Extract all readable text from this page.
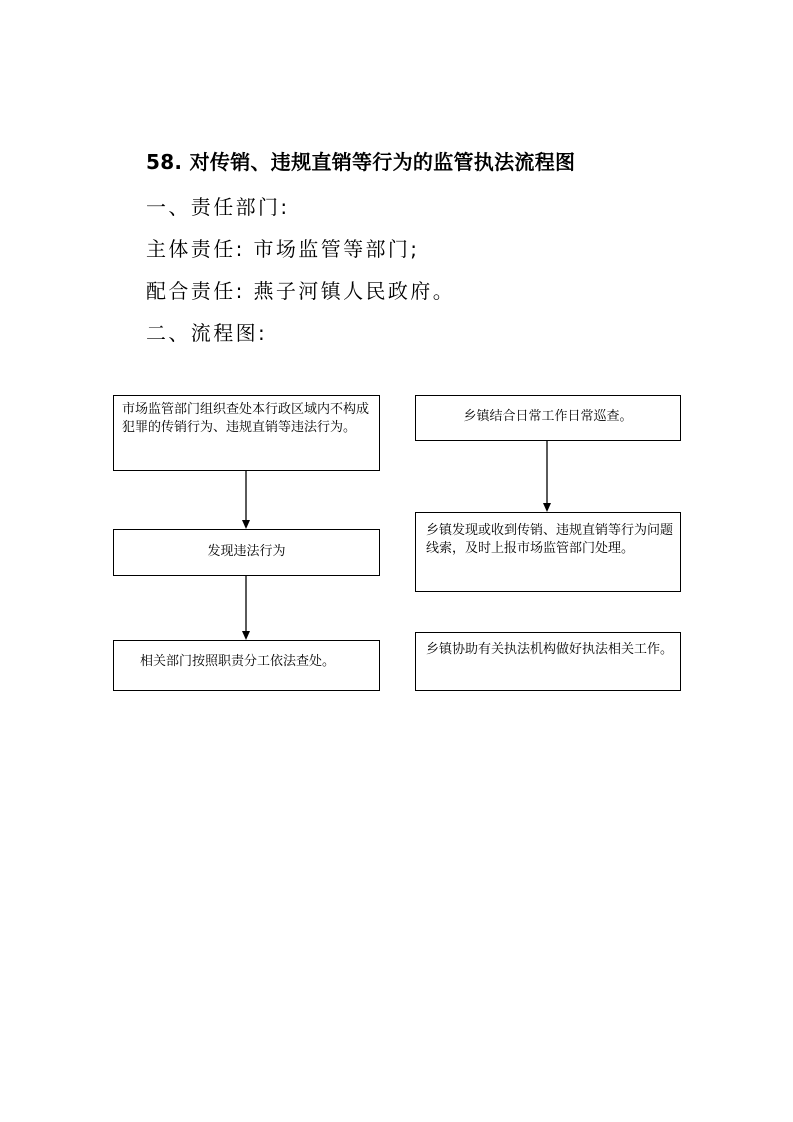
58. 对传销、违规直销等行为的监管执法流程图
一、责任部门:
主体责任: 市场监管等部门;
配合责任: 燕子河镇人民政府。
二、流程图:
市场监管部门组织查处本行政区域内不构成犯罪的传销行为、违规直销等违法行为。
发现违法行为
相关部门按照职责分工依法查处。
乡镇结合日常工作日常巡查。
乡镇发现或收到传销、违规直销等行为问题线索，及时上报市场监管部门处理。
乡镇协助有关执法机构做好执法相关工作。
